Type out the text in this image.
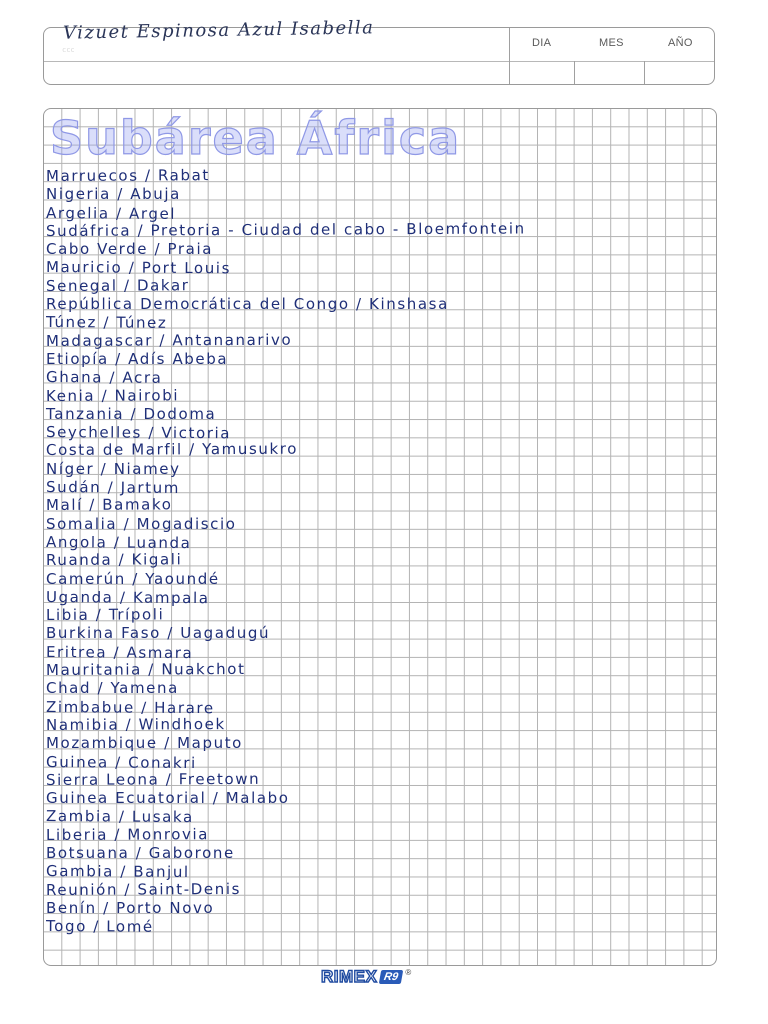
DIA	MES	AÑO
Vizuet Espinosa Azul Isabella
ccc
Subárea África
Marruecos / Rabat
Nigeria / Abuja
Argelia / Argel
Sudáfrica / Pretoria - Ciudad del cabo - Bloemfontein
Cabo Verde / Praia
Mauricio / Port Louis
Senegal / Dakar
República Democrática del Congo / Kinshasa
Túnez / Túnez
Madagascar / Antananarivo
Etiopía / Adís Abeba
Ghana / Acra
Kenia / Nairobi
Tanzania / Dodoma
Seychelles / Victoria
Costa de Marfil / Yamusukro
Níger / Niamey
Sudán / Jartum
Malí / Bamako
Somalia / Mogadiscio
Angola / Luanda
Ruanda / Kigali
Camerún / Yaoundé
Uganda / Kampala
Libia / Trípoli
Burkina Faso / Uagadugú
Eritrea / Asmara
Mauritania / Nuakchot
Chad / Yamena
Zimbabue / Harare
Namibia / Windhoek
Mozambique / Maputo
Guinea / Conakri
Sierra Leona / Freetown
Guinea Ecuatorial / Malabo
Zambia / Lusaka
Liberia / Monrovia
Botsuana / Gaborone
Gambia / Banjul
Reunión / Saint-Denis
Benín / Porto Novo
Togo / Lomé
RIMEX R9 ®
